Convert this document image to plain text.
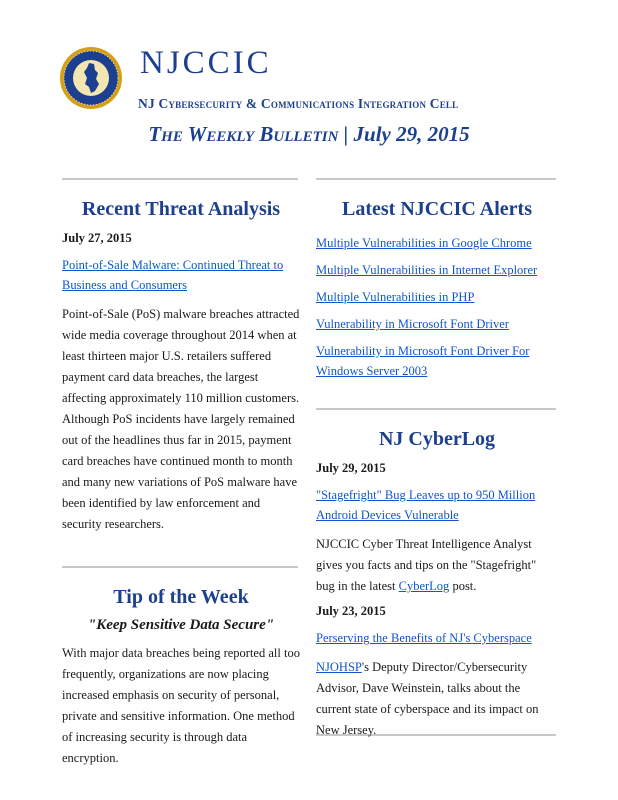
NJCCIC
NJ Cybersecurity & Communications Integration Cell
The Weekly Bulletin | July 29, 2015
Recent Threat Analysis
July 27, 2015
Point-of-Sale Malware: Continued Threat to Business and Consumers
Point-of-Sale (PoS) malware breaches attracted wide media coverage throughout 2014 when at least thirteen major U.S. retailers suffered payment card data breaches, the largest affecting approximately 110 million customers. Although PoS incidents have largely remained out of the headlines thus far in 2015, payment card breaches have continued month to month and many new variations of PoS malware have been identified by law enforcement and security researchers.
Tip of the Week
"Keep Sensitive Data Secure"
With major data breaches being reported all too frequently, organizations are now placing increased emphasis on security of personal, private and sensitive information. One method of increasing security is through data encryption.
Latest NJCCIC Alerts
Multiple Vulnerabilities in Google Chrome
Multiple Vulnerabilities in Internet Explorer
Multiple Vulnerabilities in PHP
Vulnerability in Microsoft Font Driver
Vulnerability in Microsoft Font Driver For Windows Server 2003
NJ CyberLog
July 29, 2015
"Stagefright" Bug Leaves up to 950 Million Android Devices Vulnerable
NJCCIC Cyber Threat Intelligence Analyst gives you facts and tips on the "Stagefright" bug in the latest CyberLog post.
July 23, 2015
Perserving the Benefits of NJ's Cyberspace
NJOHSP's Deputy Director/Cybersecurity Advisor, Dave Weinstein, talks about the current state of cyberspace and its impact on New Jersey.
